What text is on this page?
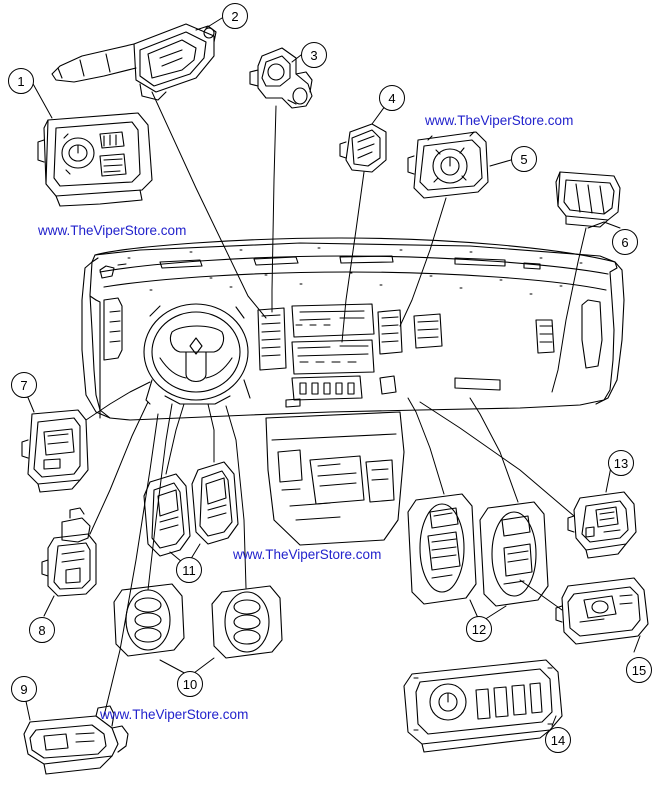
www.TheViperStore.com
www.TheViperStore.com
www.TheViperStore.com
www.TheViperStore.com
1
2
3
4
5
6
7
8
9	10
11
12
13
14
15
